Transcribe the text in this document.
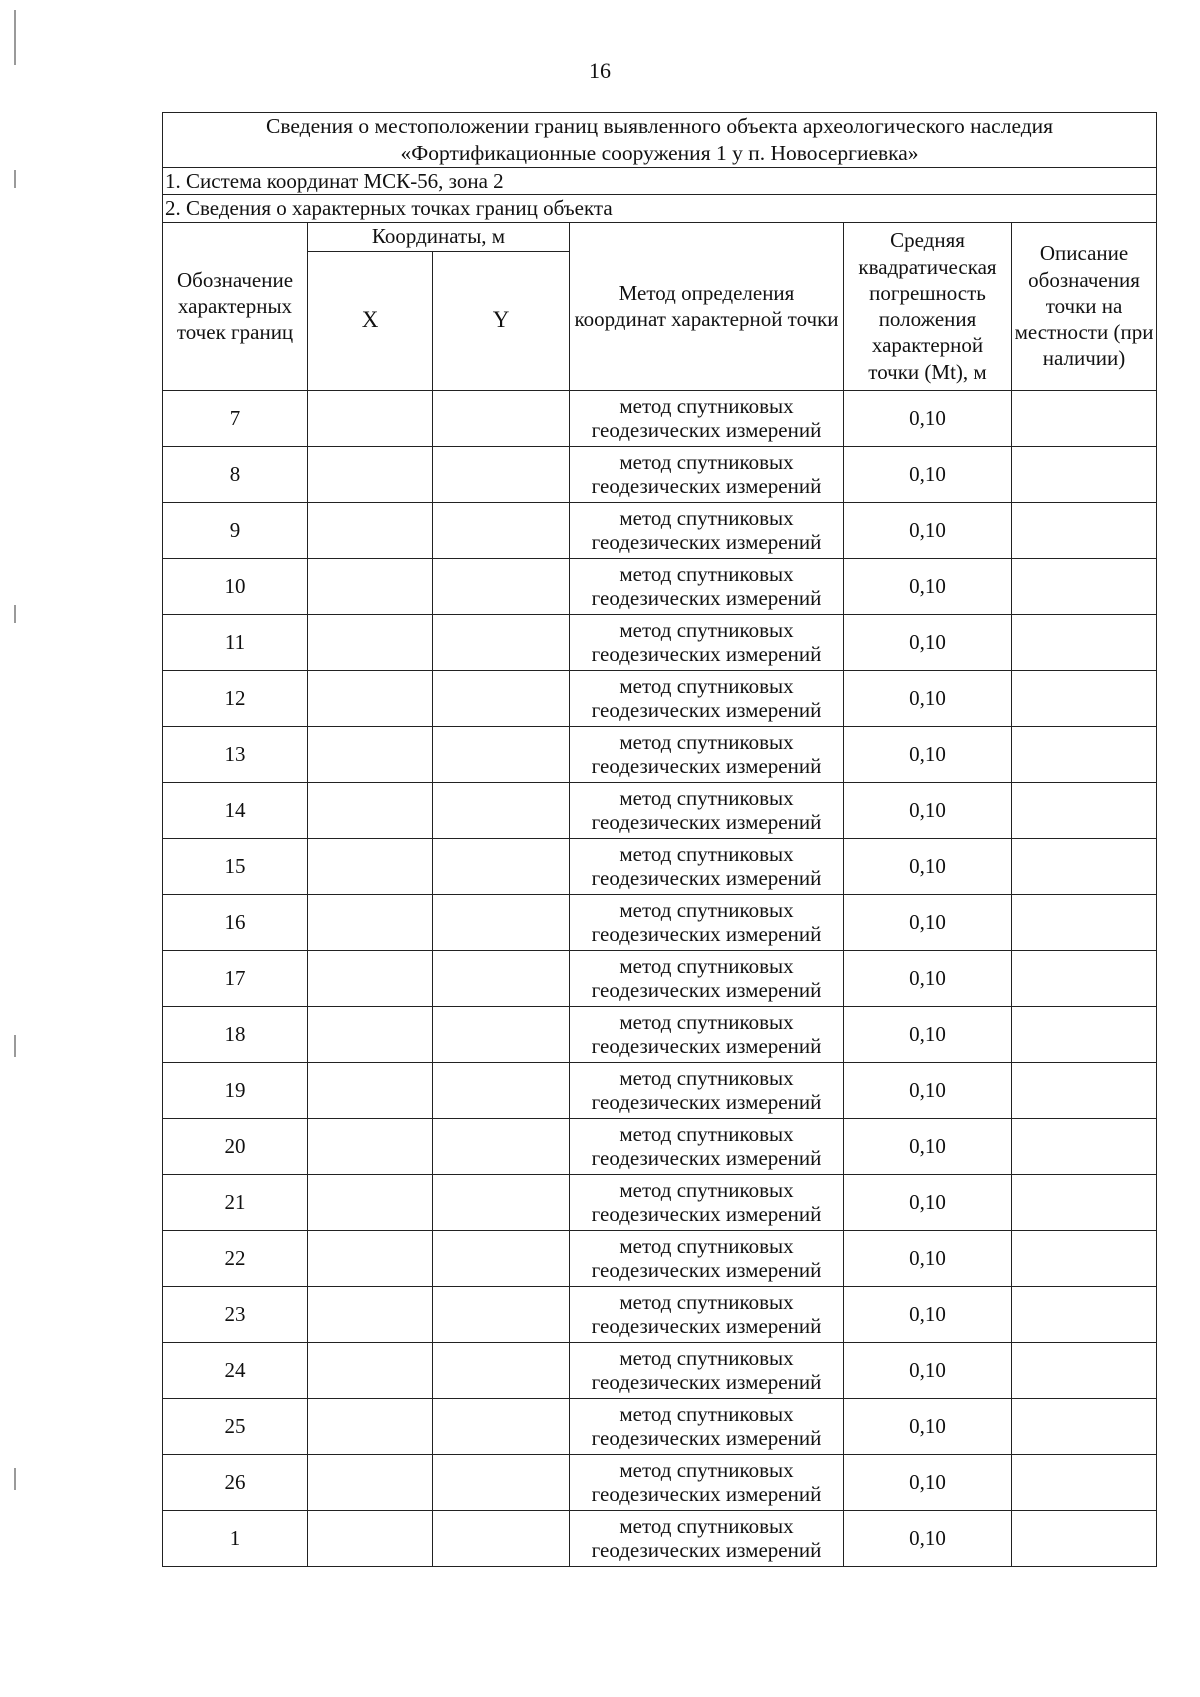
16
Сведения о местоположении границ выявленного объекта археологического наследия
«Фортификационные сооружения 1 у п. Новосергиевка»					

1. Система координат МСК-56, зона 2					
2. Сведения о характерных точках границ объекта					
Обозначение характерных точек границ	Координаты, м		Метод определения координат характерной точки	Средняя квадратическая погрешность положения характерной точки (Mt), м	Описание обозначения точки на местности (при наличии)
	X	Y			
7			метод спутниковых
геодезических измерений	0,10	
8			метод спутниковых
геодезических измерений	0,10	
9			метод спутниковых
геодезических измерений	0,10	
10			метод спутниковых
геодезических измерений	0,10	
11			метод спутниковых
геодезических измерений	0,10	
12			метод спутниковых
геодезических измерений	0,10	
13			метод спутниковых
геодезических измерений	0,10	
14			метод спутниковых
геодезических измерений	0,10	
15			метод спутниковых
геодезических измерений	0,10	
16			метод спутниковых
геодезических измерений	0,10	
17			метод спутниковых
геодезических измерений	0,10	
18			метод спутниковых
геодезических измерений	0,10	
19			метод спутниковых
геодезических измерений	0,10	
20			метод спутниковых
геодезических измерений	0,10	
21			метод спутниковых
геодезических измерений	0,10	
22			метод спутниковых
геодезических измерений	0,10	
23			метод спутниковых
геодезических измерений	0,10	
24			метод спутниковых
геодезических измерений	0,10	
25			метод спутниковых
геодезических измерений	0,10	
26			метод спутниковых
геодезических измерений	0,10	
1			метод спутниковых
геодезических измерений	0,10	
